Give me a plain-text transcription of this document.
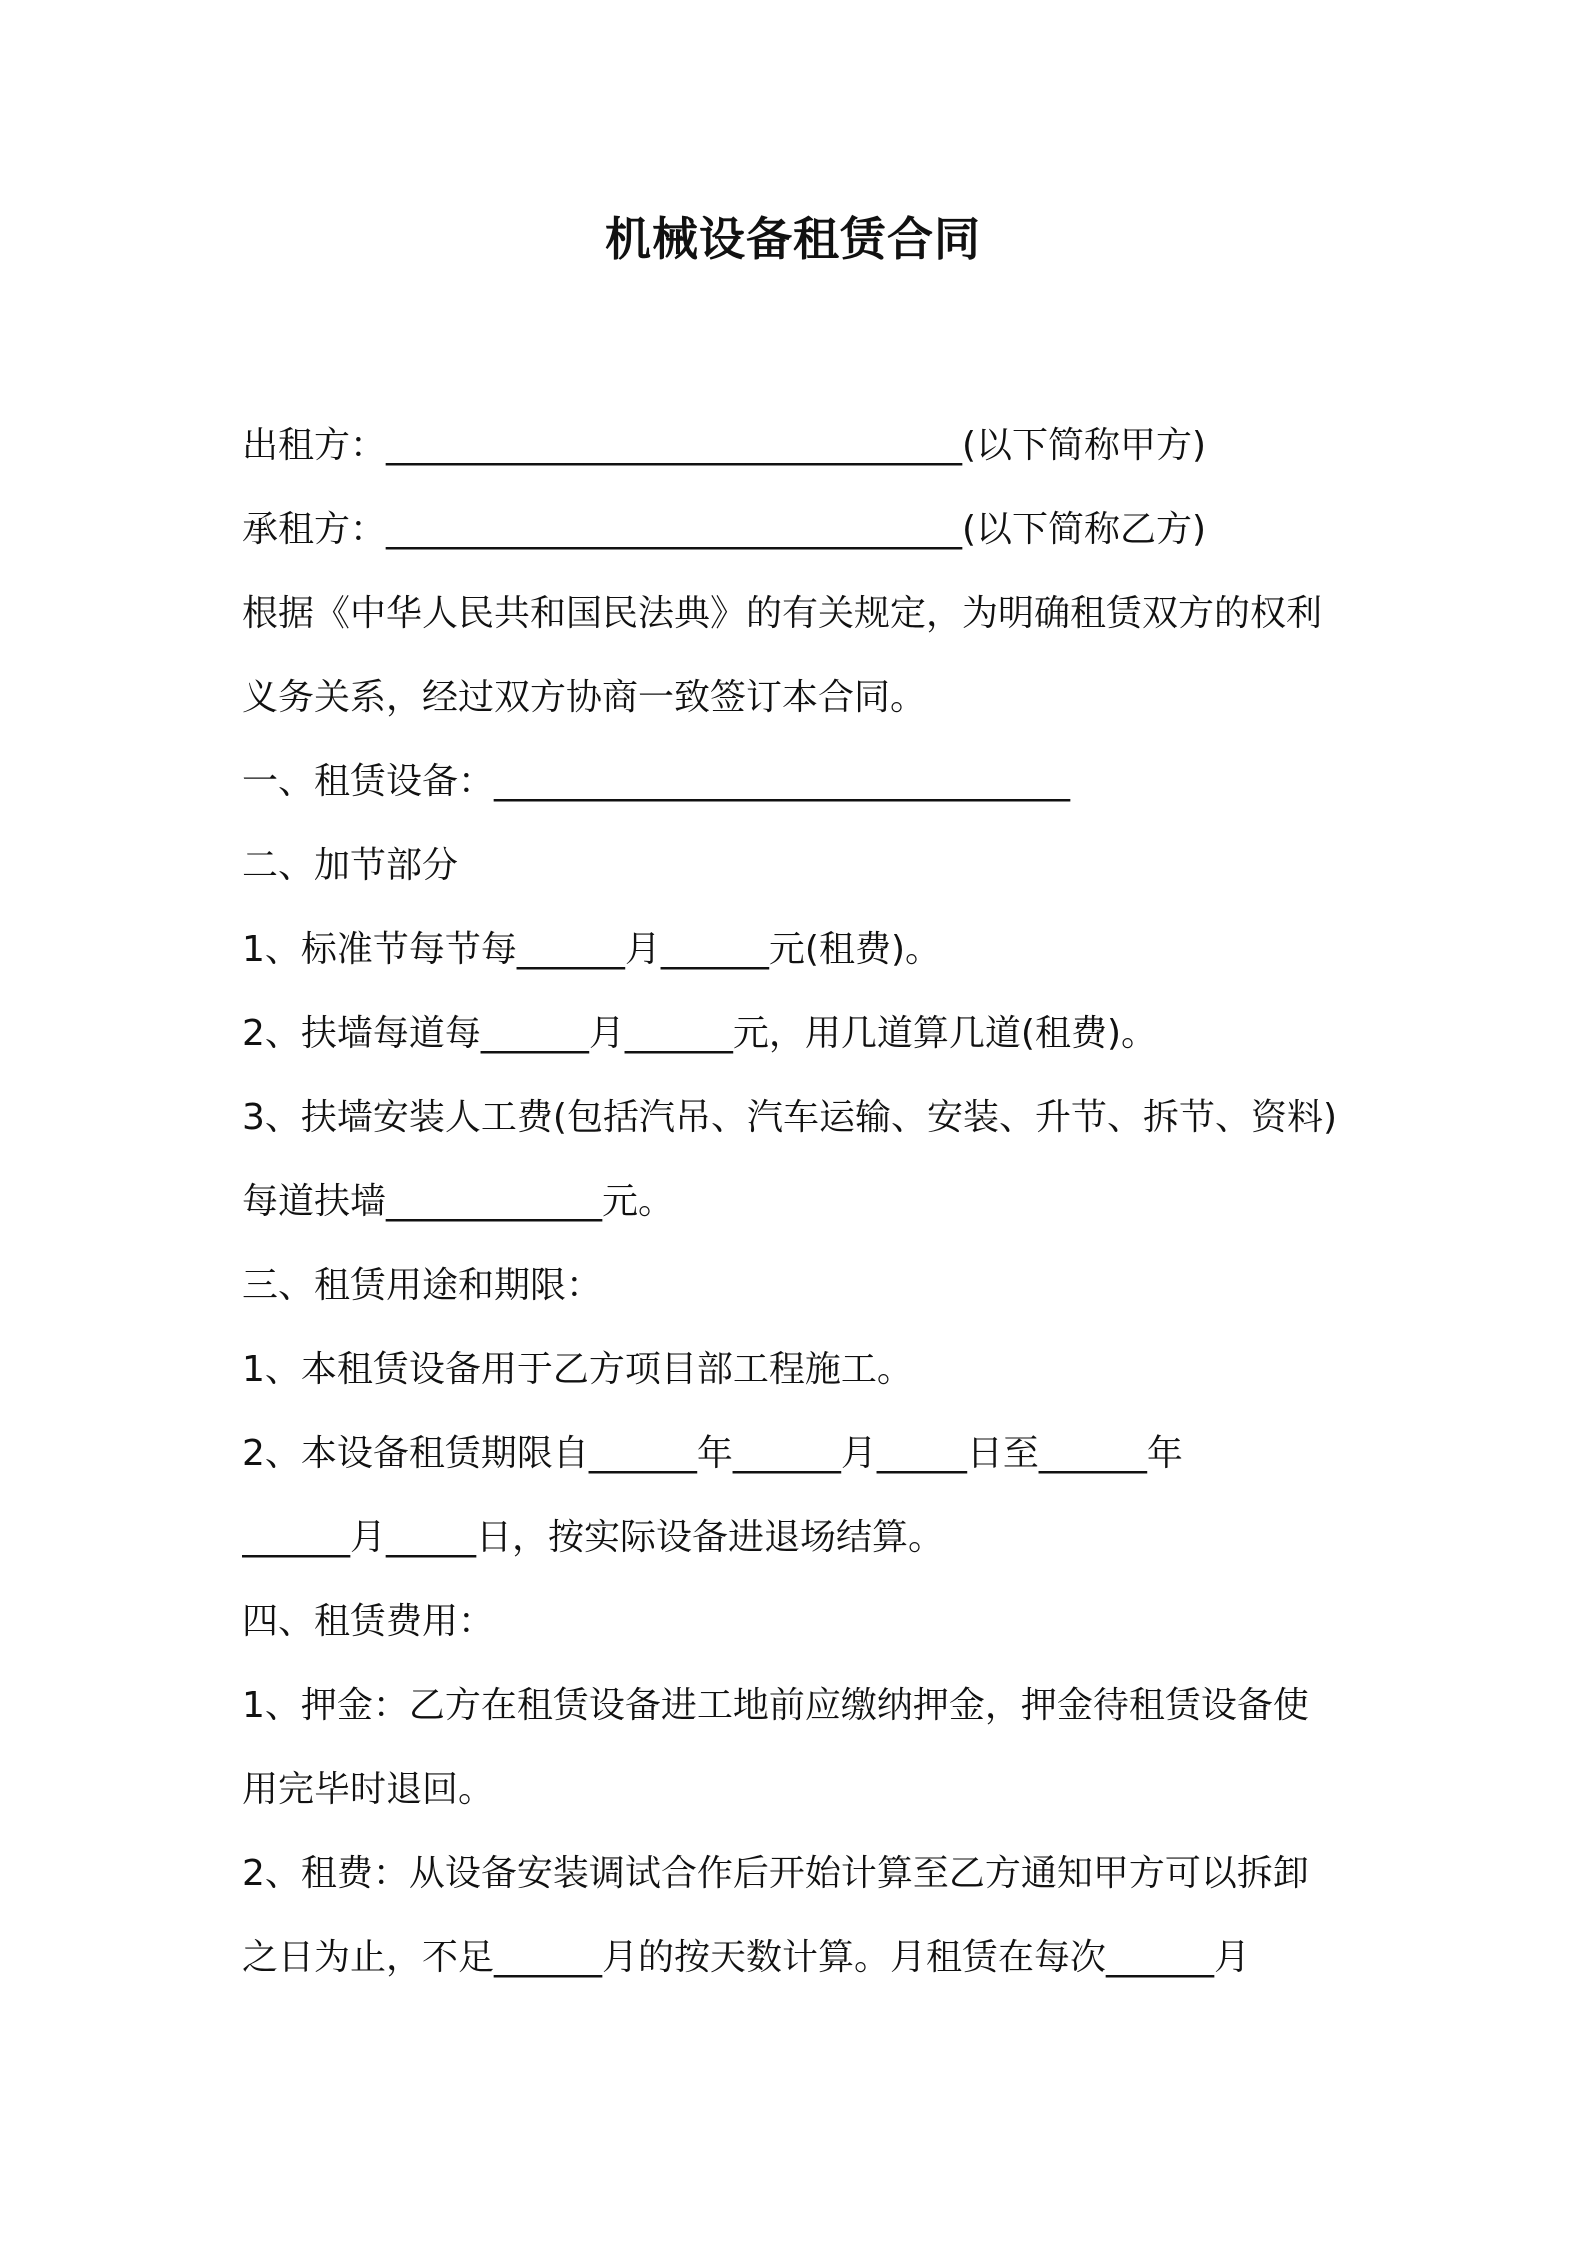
机械设备租赁合同
出租方：________________________________(以下简称甲方)
承租方：________________________________(以下简称乙方)
根据《中华人民共和国民法典》的有关规定，为明确租赁双方的权利
义务关系，经过双方协商一致签订本合同。
一、租赁设备：________________________________
二、加节部分
1、标准节每节每______月______元(租费)。
2、扶墙每道每______月______元，用几道算几道(租费)。
3、扶墙安装人工费(包括汽吊、汽车运输、安装、升节、拆节、资料)
每道扶墙____________元。
三、租赁用途和期限：
1、本租赁设备用于乙方项目部工程施工。
2、本设备租赁期限自______年______月_____日至______年
______月_____日，按实际设备进退场结算。
四、租赁费用：
1、押金：乙方在租赁设备进工地前应缴纳押金，押金待租赁设备使
用完毕时退回。
2、租费：从设备安装调试合作后开始计算至乙方通知甲方可以拆卸
之日为止，不足______月的按天数计算。月租赁在每次______月
